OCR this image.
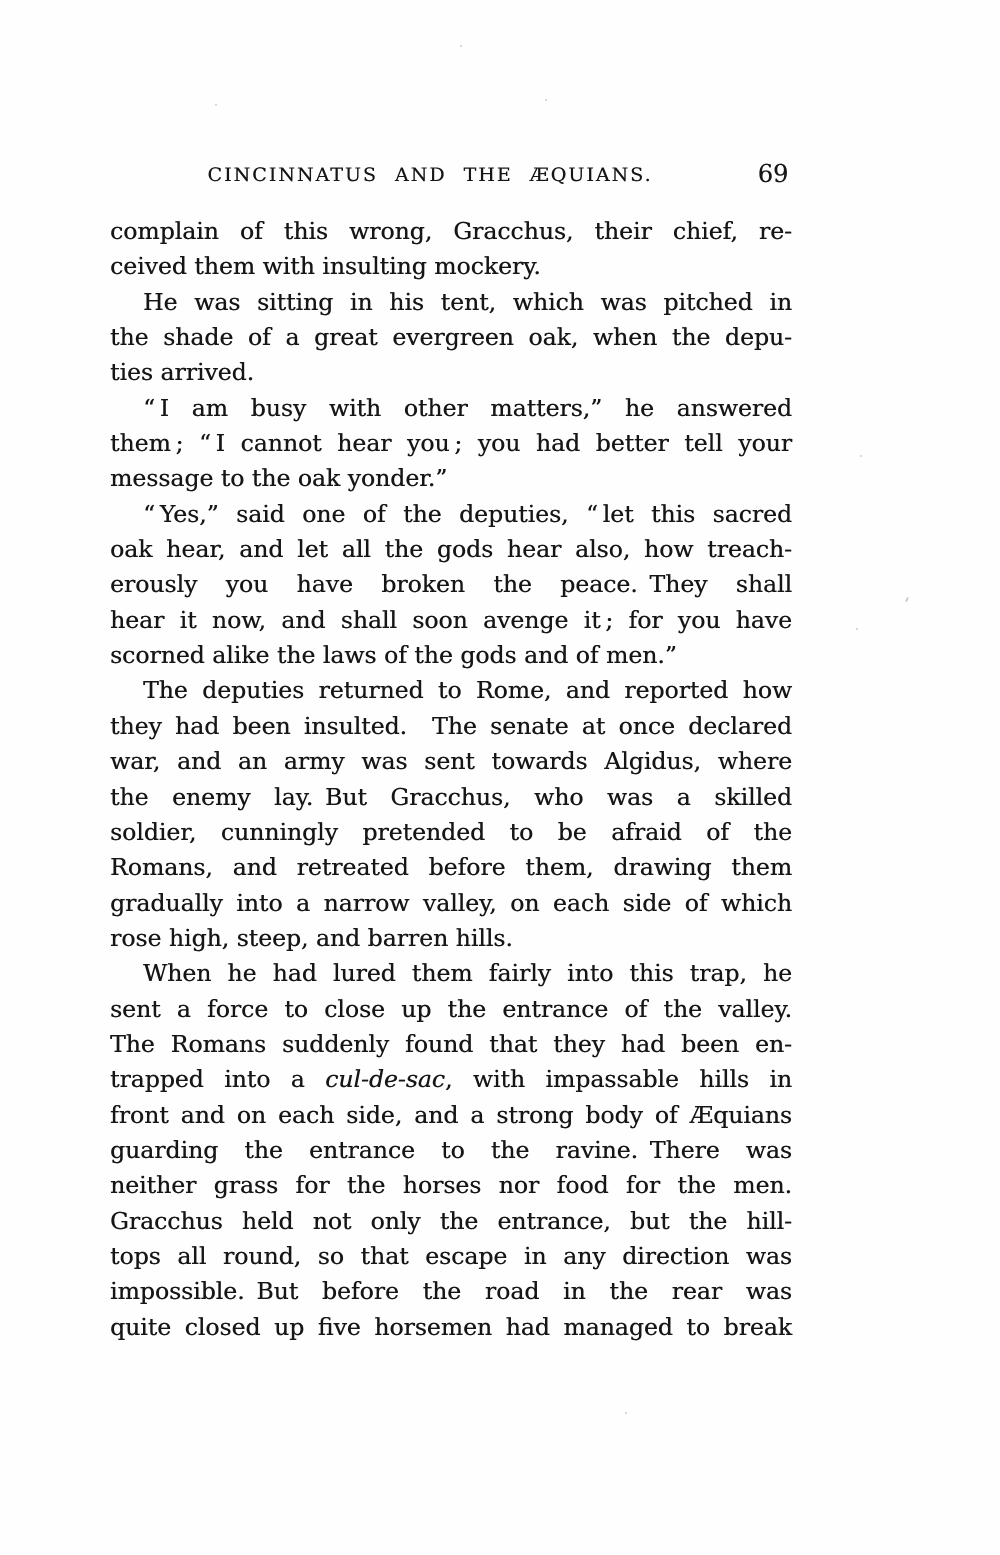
CINCINNATUS AND THE ÆQUIANS.	69
complain of this wrong, Gracchus, their chief, re-
ceived them with insulting mockery.
He was sitting in his tent, which was pitched in
the shade of a great evergreen oak, when the depu-
ties arrived.
“ I am busy with other matters,” he answered
them ; “ I cannot hear you ; you had better tell your
message to the oak yonder.”
“ Yes,” said one of the deputies, “ let this sacred
oak hear, and let all the gods hear also, how treach-
erously you have broken the peace. They shall
hear it now, and shall soon avenge it ; for you have
scorned alike the laws of the gods and of men.”
The deputies returned to Rome, and reported how
they had been insulted.  The senate at once declared
war, and an army was sent towards Algidus, where
the enemy lay. But Gracchus, who was a skilled
soldier, cunningly pretended to be afraid of the
Romans, and retreated before them, drawing them
gradually into a narrow valley, on each side of which
rose high, steep, and barren hills.
When he had lured them fairly into this trap, he
sent a force to close up the entrance of the valley.
The Romans suddenly found that they had been en-
trapped into a cul-de-sac, with impassable hills in
front and on each side, and a strong body of Æquians
guarding the entrance to the ravine. There was
neither grass for the horses nor food for the men.
Gracchus held not only the entrance, but the hill-
tops all round, so that escape in any direction was
impossible. But before the road in the rear was
quite closed up five horsemen had managed to break
